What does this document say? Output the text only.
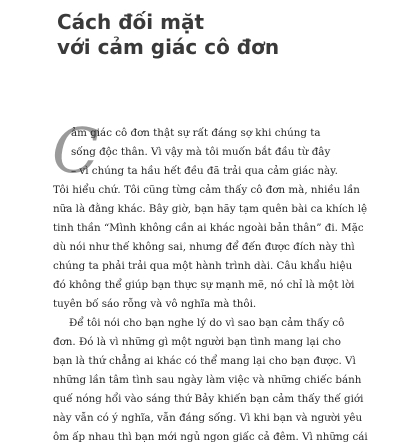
Cách đối mặt
với cảm giác cô đơn
C
ảm giác cô đơn thật sự rất đáng sợ khi chúng ta
sống độc thân. Vì vậy mà tôi muốn bắt đầu từ đây
– vì chúng ta hầu hết đều đã trải qua cảm giác này.
Tôi hiểu chứ. Tôi cũng từng cảm thấy cô đơn mà, nhiều lần
nữa là đằng khác. Bây giờ, bạn hãy tạm quên bài ca khích lệ
tinh thần “Mình không cần ai khác ngoài bản thân” đi. Mặc
dù nói như thế không sai, nhưng để đến được đích này thì
chúng ta phải trải qua một hành trình dài. Câu khẩu hiệu
đó không thể giúp bạn thực sự mạnh mẽ, nó chỉ là một lời
tuyên bố sáo rỗng và vô nghĩa mà thôi.
Để tôi nói cho bạn nghe lý do vì sao bạn cảm thấy cô
đơn. Đó là vì những gì một người bạn tình mang lại cho
bạn là thứ chẳng ai khác có thể mang lại cho bạn được. Vì
những lần tâm tình sau ngày làm việc và những chiếc bánh
quế nóng hổi vào sáng thứ Bảy khiến bạn cảm thấy thế giới
này vẫn có ý nghĩa, vẫn đáng sống. Vì khi bạn và người yêu
ôm ấp nhau thì bạn mới ngủ ngon giấc cả đêm. Vì những cái
